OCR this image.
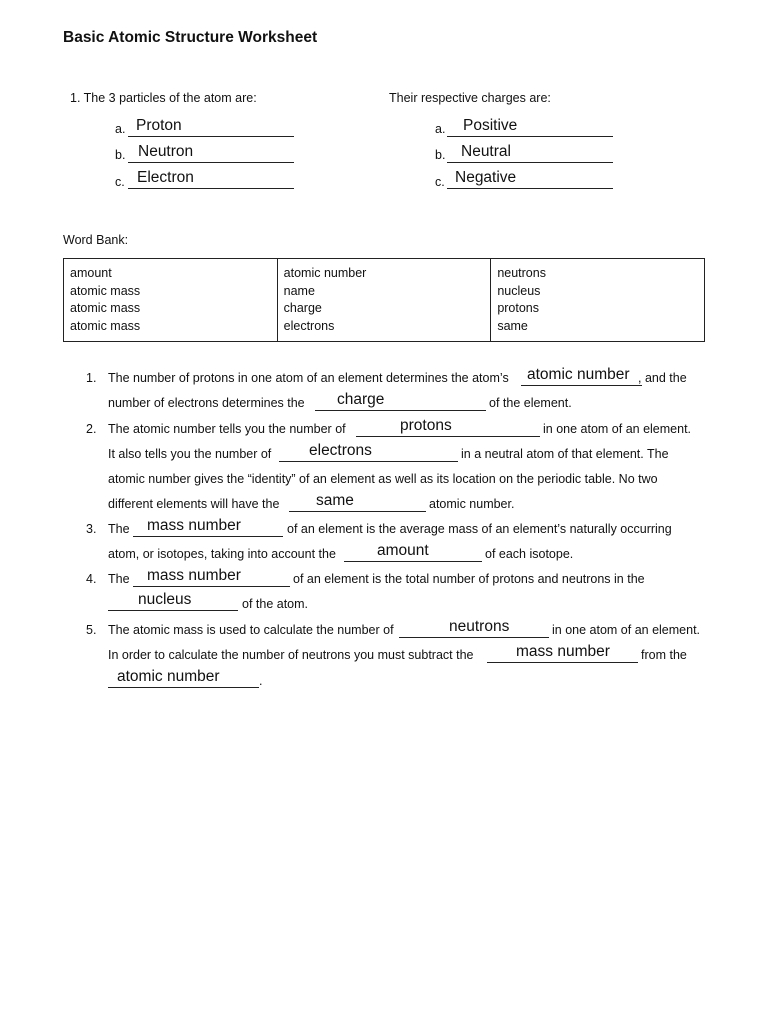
Basic Atomic Structure Worksheet
1. The 3 particles of the atom are:
a. Proton
b. Neutron
c. Electron
Their respective charges are:
a. Positive
b. Neutral
c. Negative
Word Bank:
amount
atomic mass
atomic mass
atomic mass

atomic number
name
charge
electrons

neutrons
nucleus
protons
same
1. The number of protons in one atom of an element determines the atom’s atomic number , and the
number of electrons determines the charge	of the element.
2. The atomic number tells you the number of	protons	in one atom of an element.
It also tells you the number of electrons	in a neutral atom of that element. The
atomic number gives the “identity” of an element as well as its location on the periodic table. No two
different elements will have the same	atomic number.
3. The mass number	of an element is the average mass of an element’s naturally occurring
atom, or isotopes, taking into account the	amount	of each isotope.
4. The mass number	of an element is the total number of protons and neutrons in the
nucleus	of the atom.
5. The atomic mass is used to calculate the number of	neutrons	in one atom of an element.
In order to calculate the number of neutrons you must subtract the	mass number from the
atomic number	.
